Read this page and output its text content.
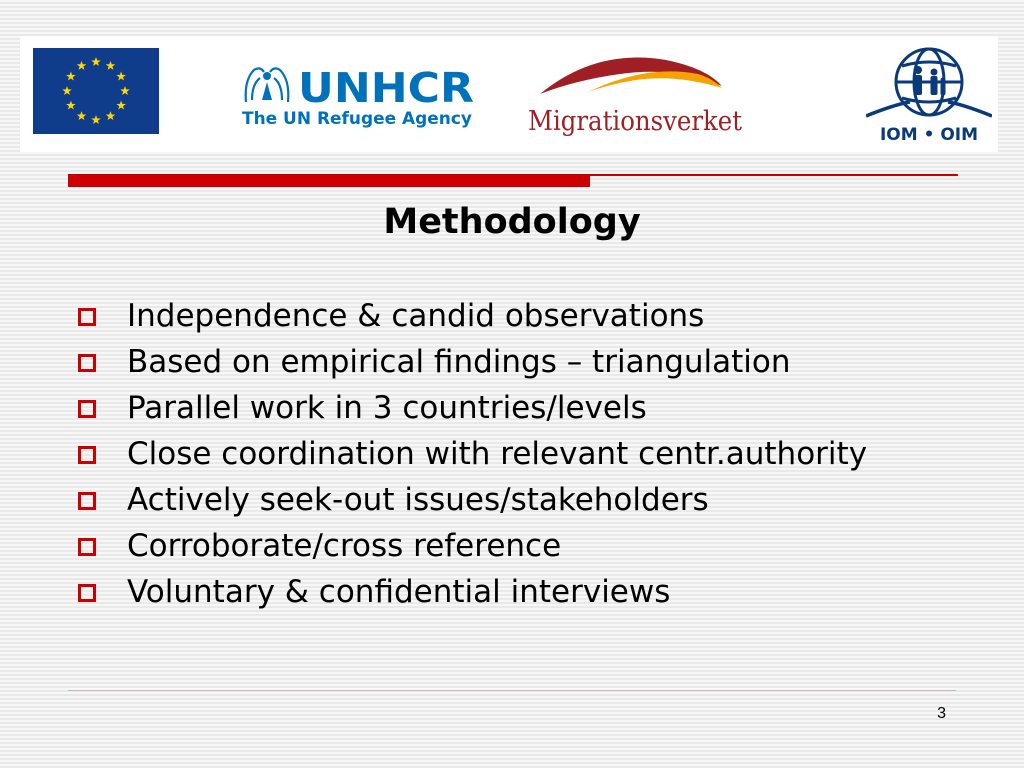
UNHCR
The UN Refugee Agency Migrationsverket	IOM • OIM
Methodology
Independence & candid observations
Based on empirical findings – triangulation
Parallel work in 3 countries/levels
Close coordination with relevant centr.authority
Actively seek-out issues/stakeholders
Corroborate/cross reference
Voluntary & confidential interviews
3
